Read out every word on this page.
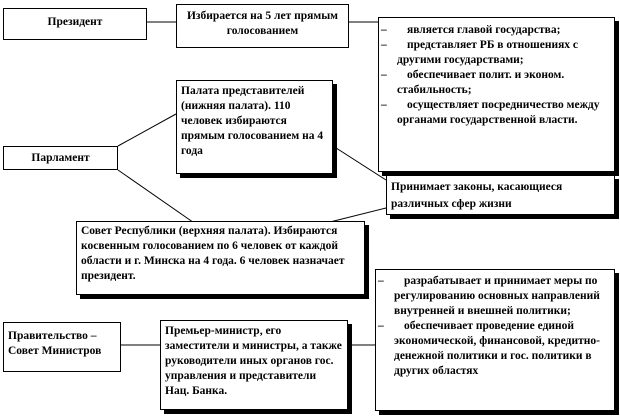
Президент	Избирается на 5 лет прямым голосованием
–	является главой государства;
– представляет РБ в отношениях с другими государствами;
– обеспечивает полит. и эконом. стабильность;
– осуществляет посредничество между органами государственной власти.
Парламент
Палата представителей (нижняя палата). 110 человек избираются прямым голосованием на 4 года
Принимает законы, касающиеся различных сфер жизни
Совет Республики (верхняя палата). Избираются косвенным голосованием по 6 человек от каждой области и г. Минска на 4 года. 6 человек назначает президент.
Правительство – Совет Министров
Премьер-министр, его заместители и министры, а также руководители иных органов гос. управления и представители Нац. Банка.
– разрабатывает и принимает меры по регулированию основных направлений внутренней и внешней политики;
– обеспечивает проведение единой экономической, финансовой, кредитно-денежной политики и гос. политики в других областях
